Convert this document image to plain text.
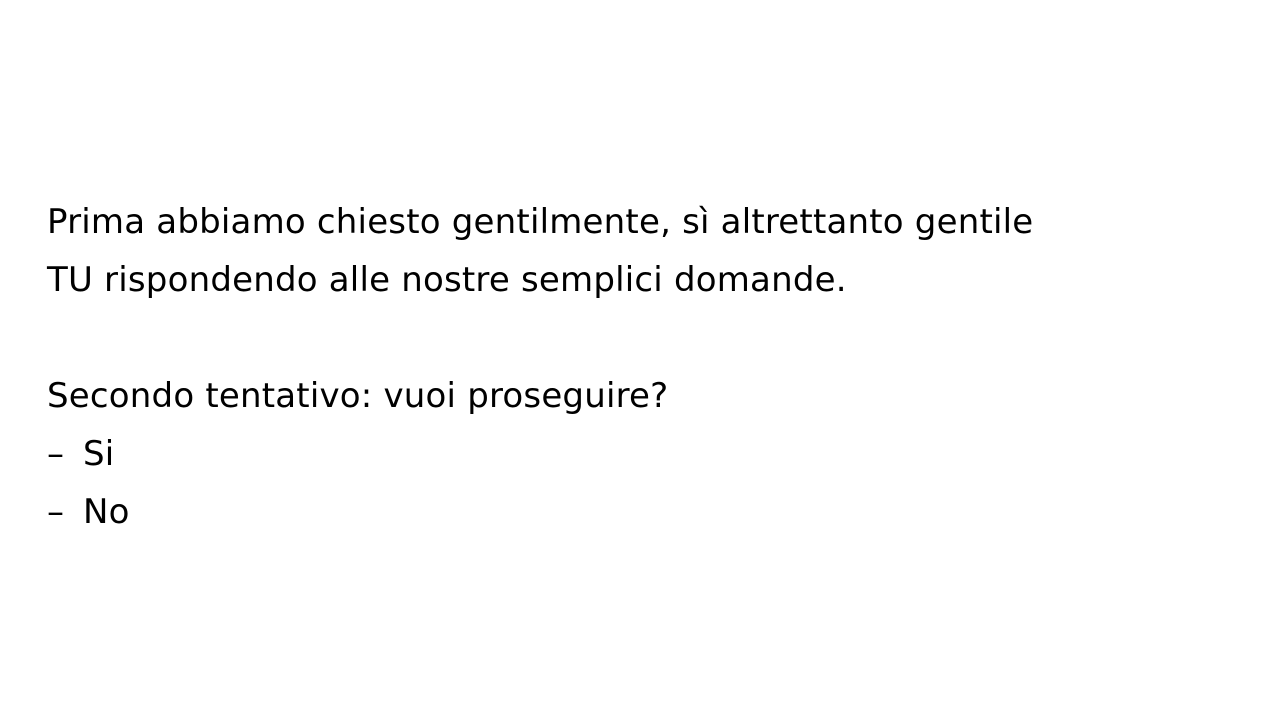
Prima abbiamo chiesto gentilmente, sì altrettanto gentile
TU rispondendo alle nostre semplici domande.
Secondo tentativo: vuoi proseguire?
– Si
– No
